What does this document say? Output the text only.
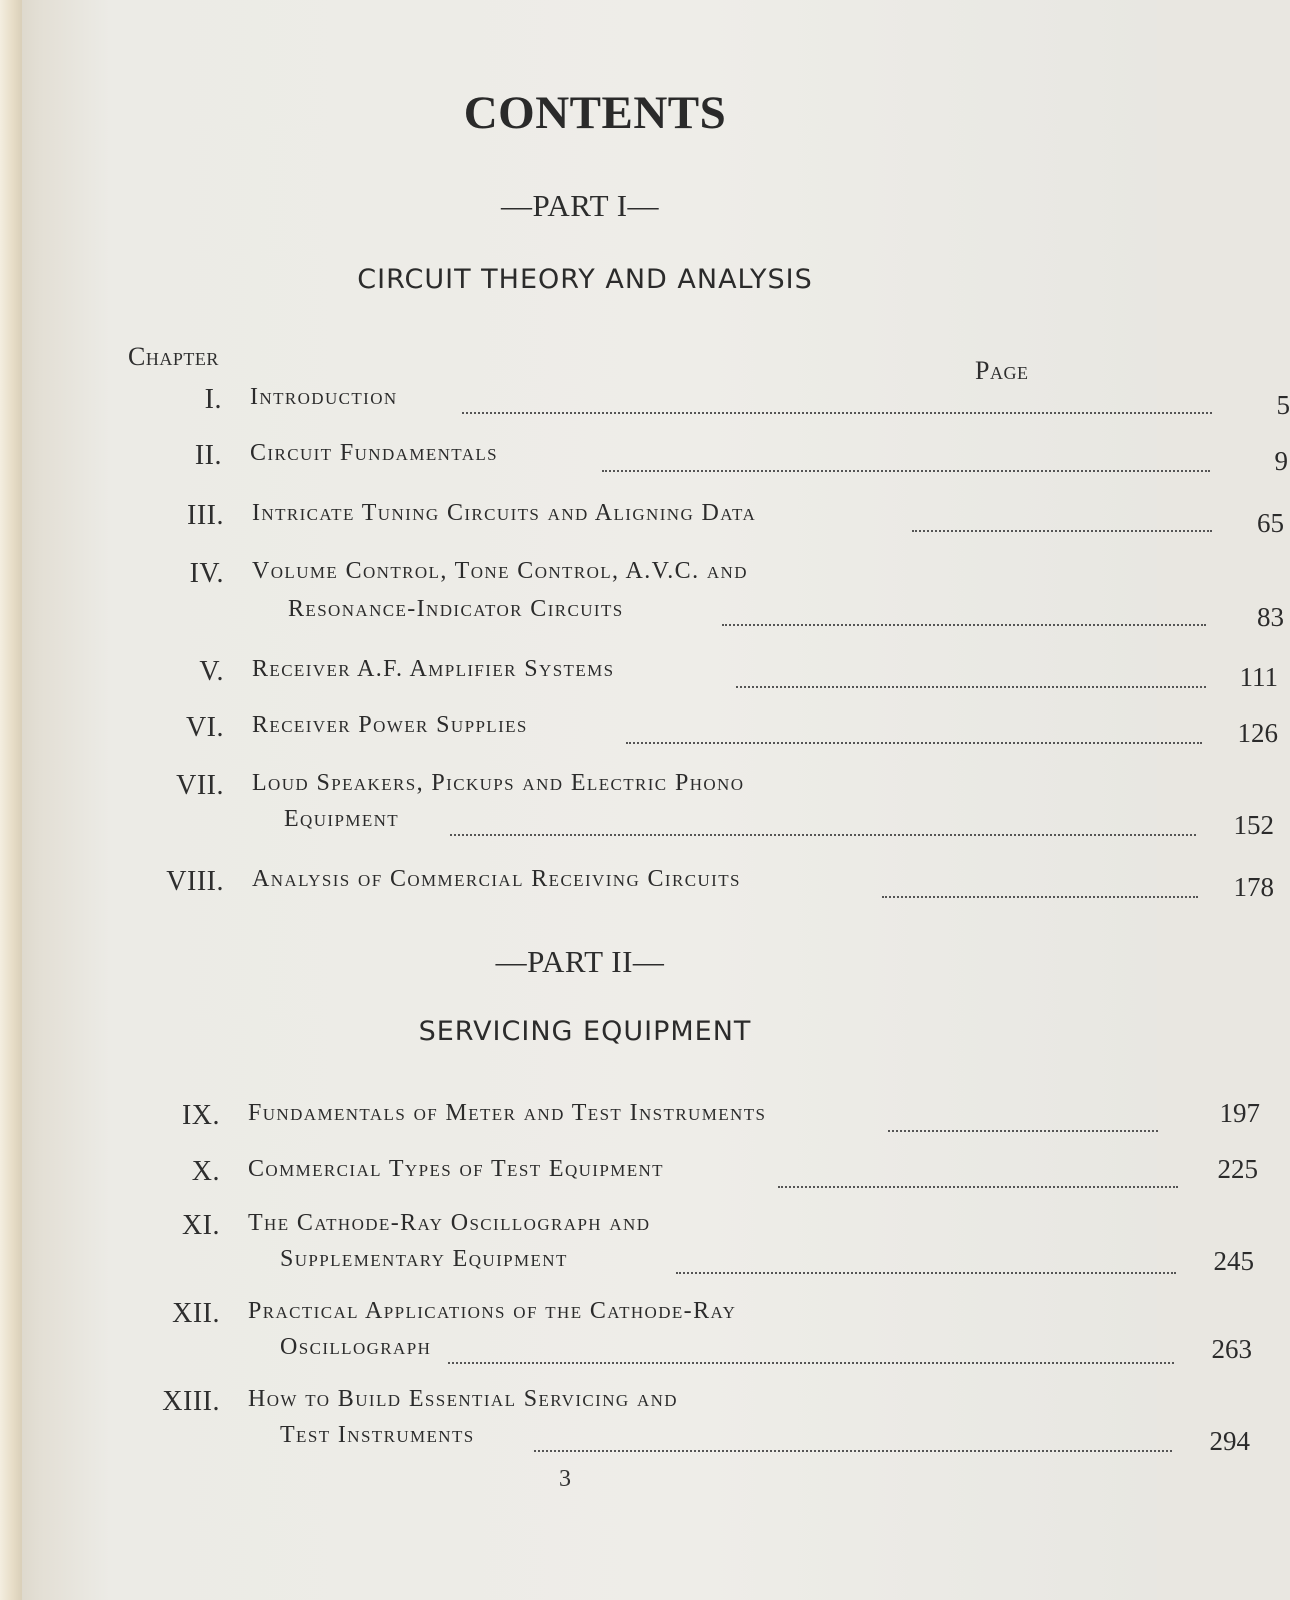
CONTENTS
—PART I—
CIRCUIT THEORY AND ANALYSIS
Chapter	Page
I. Introduction	5
II. Circuit Fundamentals	9
III. Intricate Tuning Circuits and Aligning Data	65
IV. Volume Control, Tone Control, A.V.C. and
Resonance-Indicator Circuits	83
V. Receiver A.F. Amplifier Systems	111
VI. Receiver Power Supplies	126
VII. Loud Speakers, Pickups and Electric Phono
Equipment	152
VIII. Analysis of Commercial Receiving Circuits	178
—PART II—
SERVICING EQUIPMENT
IX. Fundamentals of Meter and Test Instruments	197
X. Commercial Types of Test Equipment	225
XI. The Cathode-Ray Oscillograph and
Supplementary Equipment	245
XII. Practical Applications of the Cathode-Ray
Oscillograph	263
XIII. How to Build Essential Servicing and
Test Instruments	294
3
